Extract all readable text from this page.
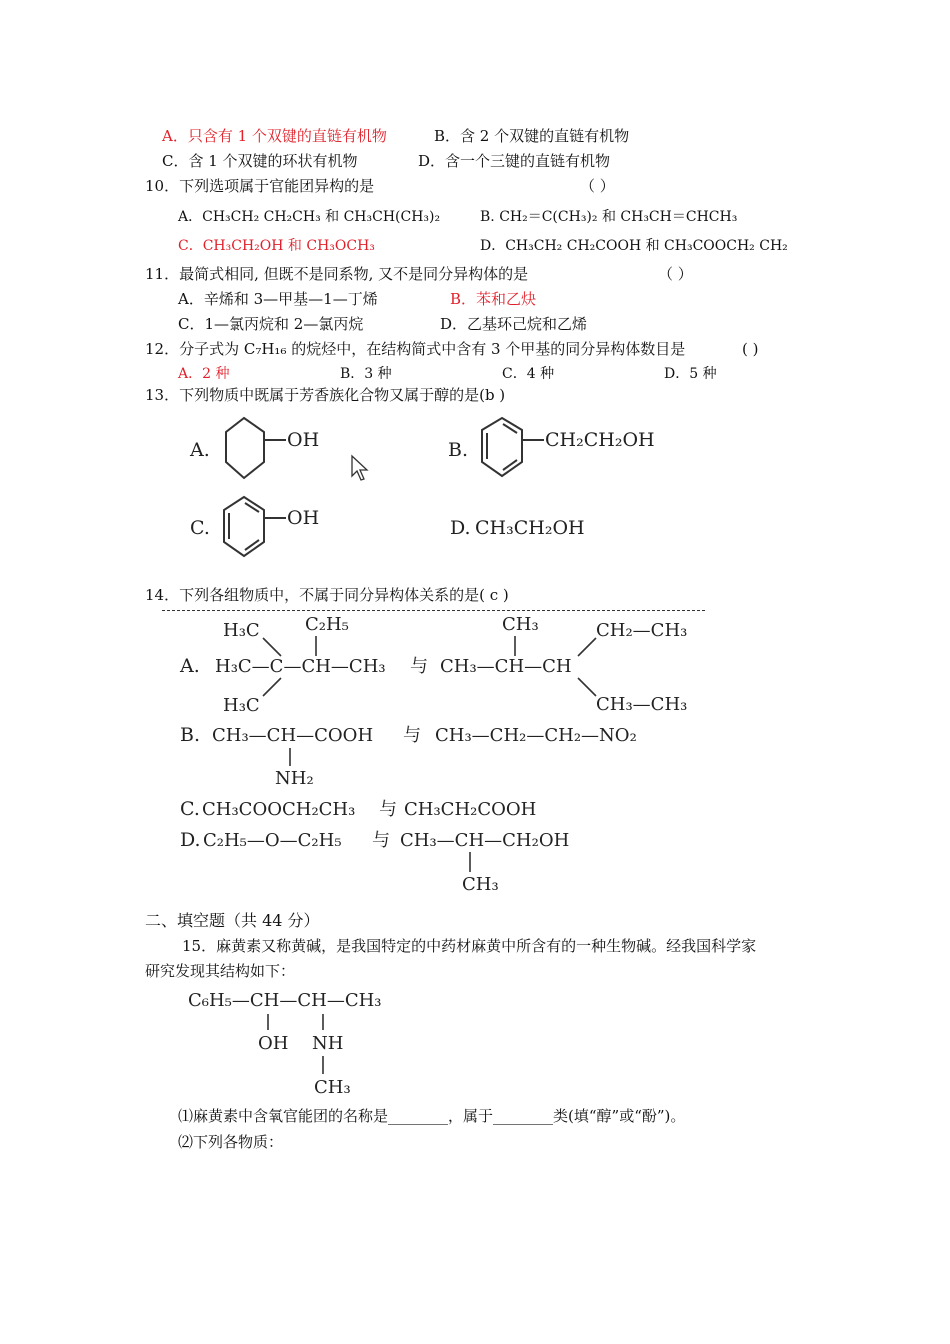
A．只含有 1 个双键的直链有机物	B．含 2 个双键的直链有机物
C．含 1 个双键的环状有机物	D．含一个三键的直链有机物
10．下列选项属于官能团异构的是	（ ）
A．CH₃CH₂ CH₂CH₃ 和 CH₃CH(CH₃)₂	B. CH₂＝C(CH₃)₂ 和 CH₃CH＝CHCH₃
C．CH₃CH₂OH 和 CH₃OCH₃	D．CH₃CH₂ CH₂COOH 和 CH₃COOCH₂ CH₂
11．最简式相同, 但既不是同系物, 又不是同分异构体的是	（ ）
A．辛烯和 3—甲基—1—丁烯	B．苯和乙炔
C．1—氯丙烷和 2—氯丙烷	D．乙基环己烷和乙烯
12．分子式为 C₇H₁₆ 的烷烃中，在结构简式中含有 3 个甲基的同分异构体数目是	( )
A．2 种	B．3 种	C．4 种	D．5 种
13．下列物质中既属于芳香族化合物又属于醇的是(b )
A.	OH	B.	CH₂CH₂OH
C.	OH	D. CH₃CH₂OH
14．下列各组物质中，不属于同分异构体关系的是( c )
A.
H₃C	C₂H₅
H₃C—C—CH—CH₃
H₃C
与
CH₃	CH₂—CH₃
CH₃—CH—CH
CH₃—CH₃
B. CH₃—CH—COOH
NH₂
与 CH₃—CH₂—CH₂—NO₂
C. CH₃COOCH₂CH₃ 与 CH₃CH₂COOH
D. C₂H₅—O—C₂H₅ 与 CH₃—CH—CH₂OH
CH₃
二、填空题（共 44 分）
15．麻黄素又称黄碱，是我国特定的中药材麻黄中所含有的一种生物碱。经我国科学家
研究发现其结构如下：
C₆H₅—CH—CH—CH₃
OH NH
CH₃
⑴麻黄素中含氧官能团的名称是________，属于________类(填“醇”或“酚”)。
⑵下列各物质：
